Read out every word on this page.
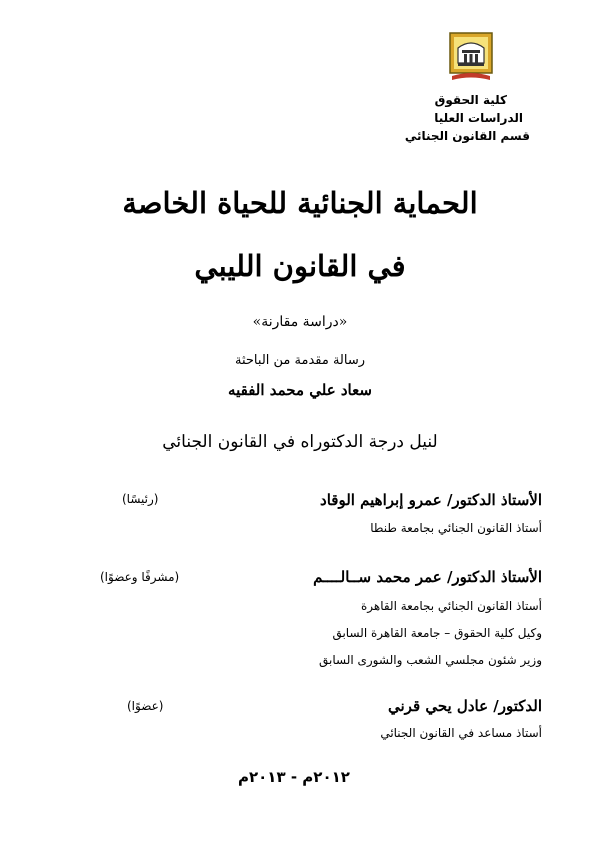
كلية الحقوق
الدراسات العليا
قسم القانون الجنائي
الحماية الجنائية للحياة الخاصة
في القانون الليبي
«دراسة مقارنة»
رسالة مقدمة من الباحثة
سعاد علي محمد الفقيه
لنيل درجة الدكتوراه في القانون الجنائي
الأستاذ الدكتور/ عمرو إبراهيم الوقاد
(رئيسًا)
أستاذ القانون الجنائي بجامعة طنطا
الأستاذ الدكتور/ عمر محمد ســالــــم
(مشرفًا وعضوًا)
أستاذ القانون الجنائي بجامعة القاهرة
وكيل كلية الحقوق – جامعة القاهرة السابق
وزير شئون مجلسي الشعب والشورى السابق
الدكتور/ عادل يحي قرني
(عضوًا)
أستاذ مساعد في القانون الجنائي
٢٠١٢م - ٢٠١٣م
